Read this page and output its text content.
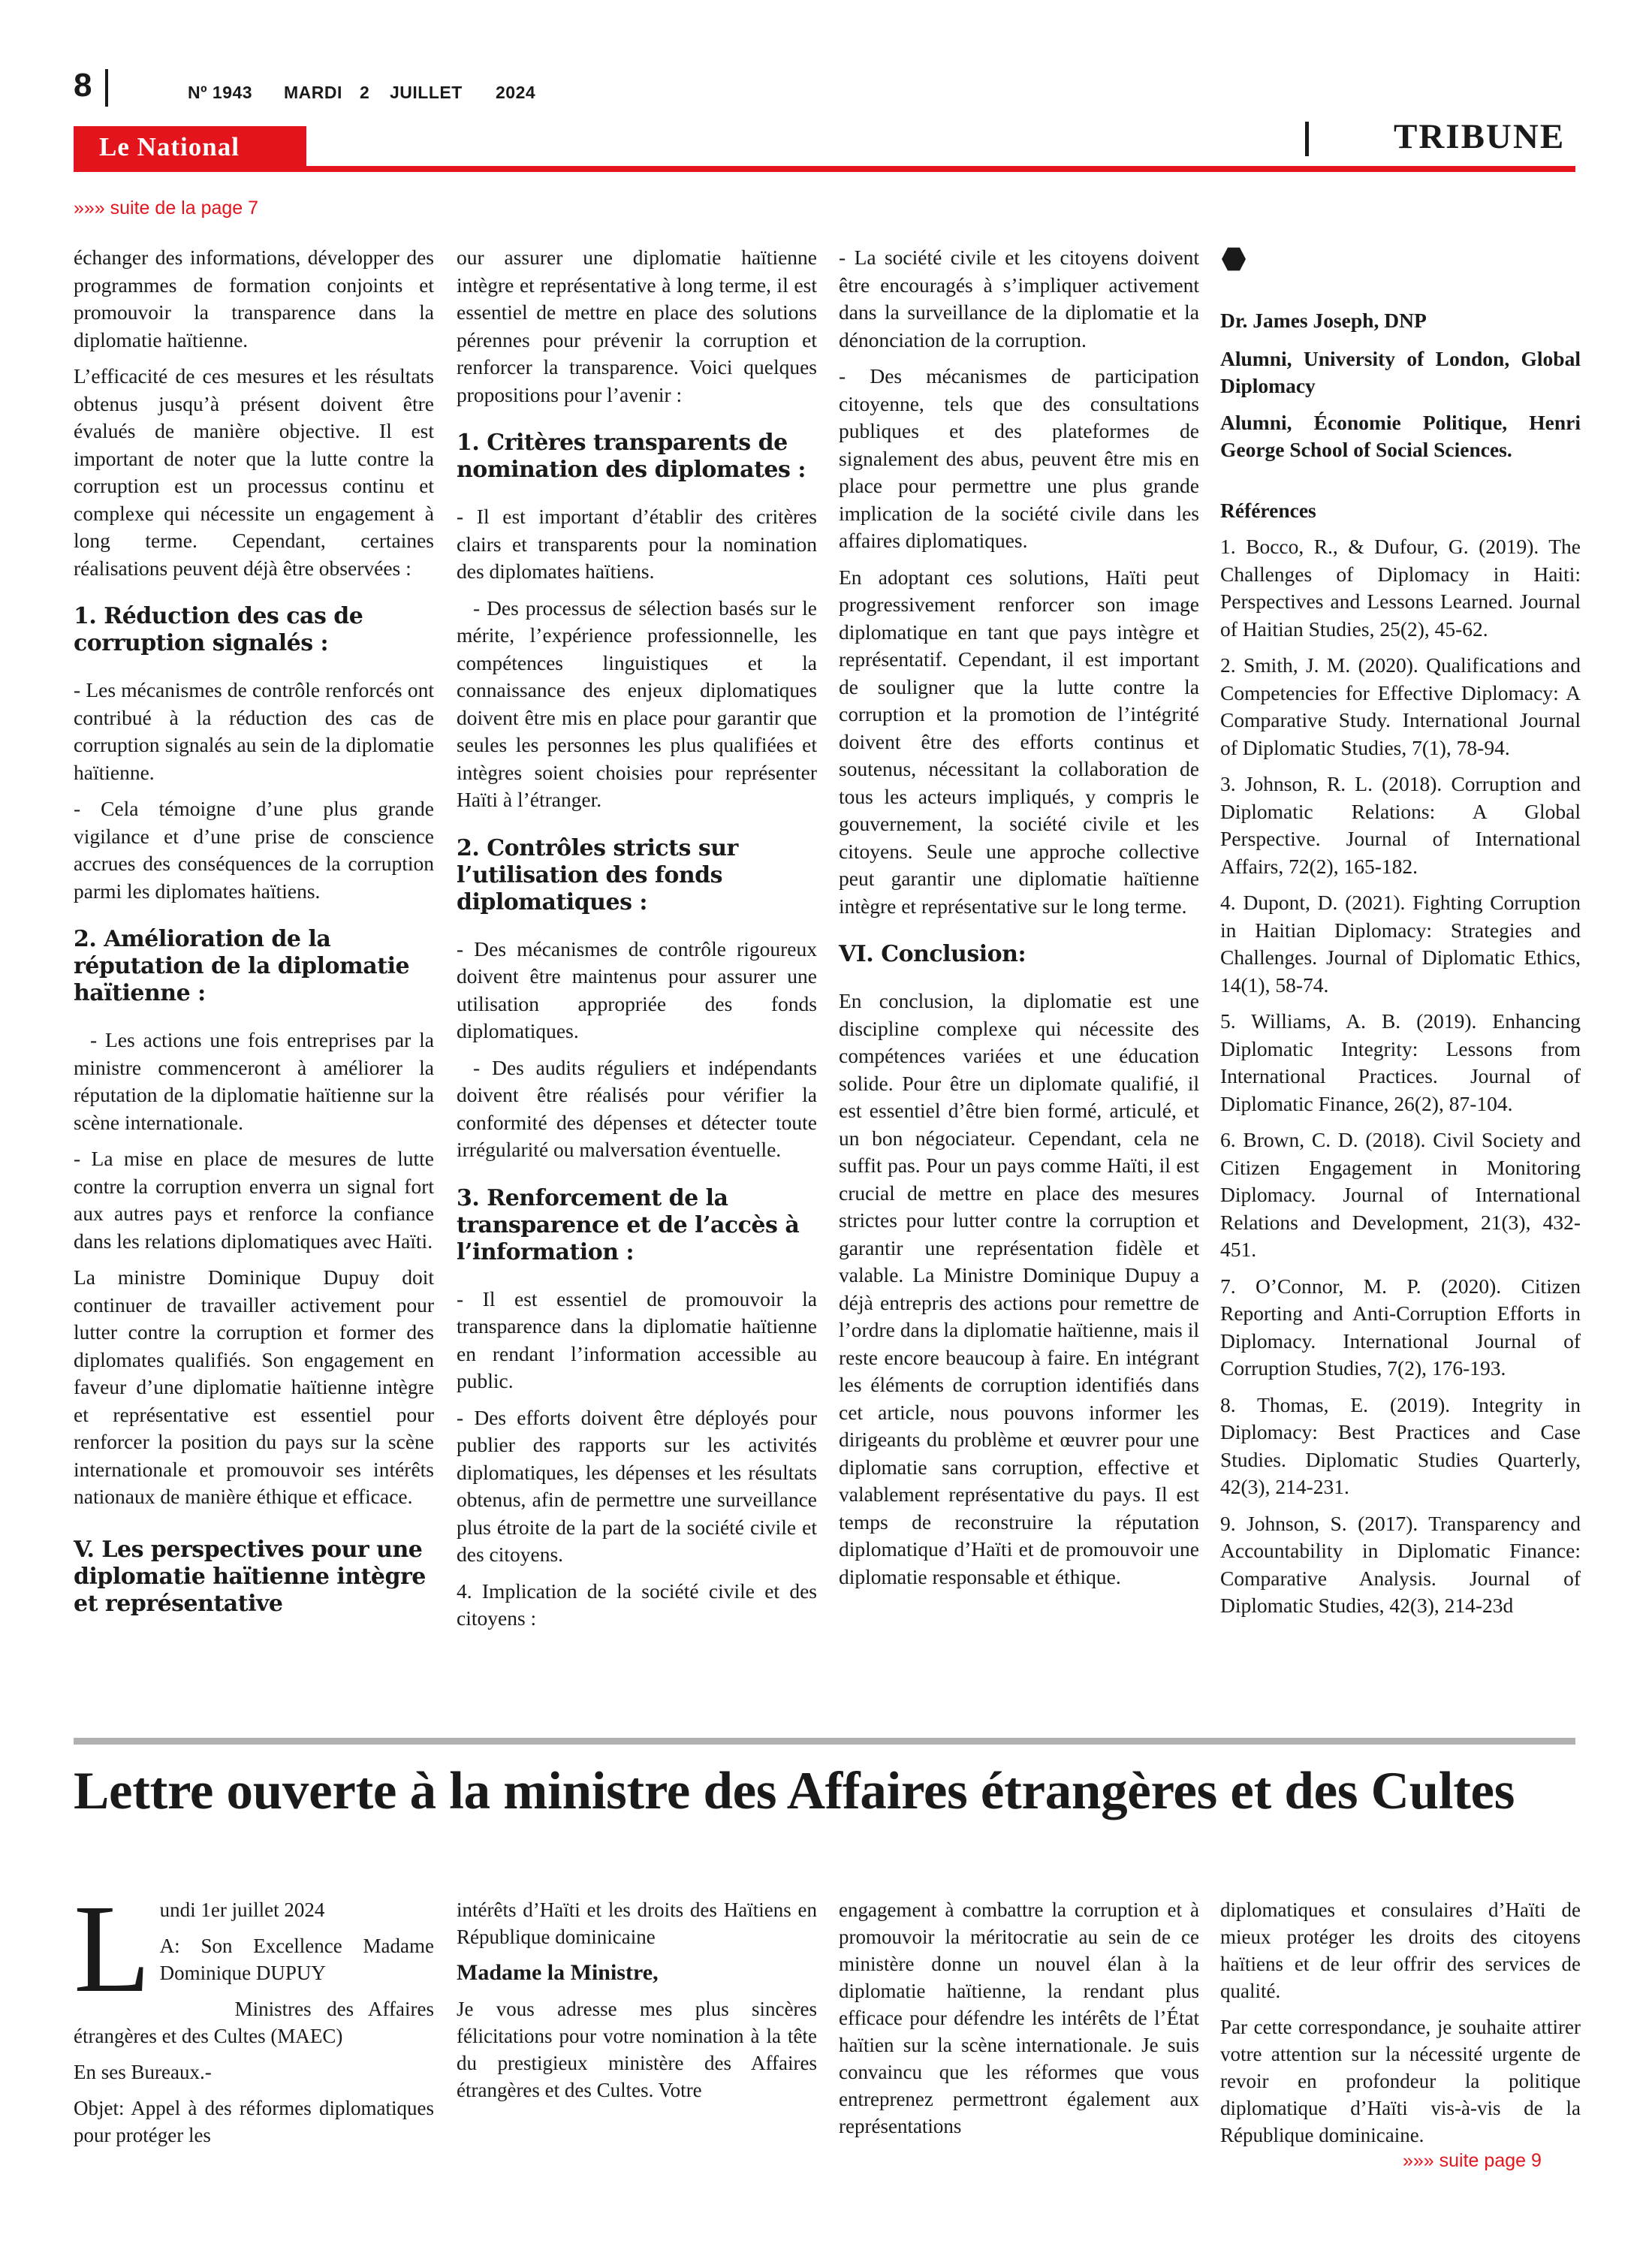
8	Nº 1943 MARDI 2 JUILLET 2024
Le National	TRIBUNE
»»» suite de la page 7

échanger des informations, développer des programmes de formation conjoints et promouvoir la transparence dans la diplomatie haïtienne.

L’efficacité de ces mesures et les résultats obtenus jusqu’à présent doivent être évalués de manière objective. Il est important de noter que la lutte contre la corruption est un processus continu et complexe qui nécessite un engagement à long terme. Cependant, certaines réalisations peuvent déjà être observées :

1. Réduction des cas de corruption signalés :

- Les mécanismes de contrôle renforcés ont contribué à la réduction des cas de corruption signalés au sein de la diplomatie haïtienne.

- Cela témoigne d’une plus grande vigilance et d’une prise de conscience accrues des conséquences de la corruption parmi les diplomates haïtiens.

2. Amélioration de la réputation de la diplomatie haïtienne :

- Les actions une fois entreprises par la ministre commenceront à améliorer la réputation de la diplomatie haïtienne sur la scène internationale.

- La mise en place de mesures de lutte contre la corruption enverra un signal fort aux autres pays et renforce la confiance dans les relations diplomatiques avec Haïti.

La ministre Dominique Dupuy doit continuer de travailler activement pour lutter contre la corruption et former des diplomates qualifiés. Son engagement en faveur d’une diplomatie haïtienne intègre et représentative est essentiel pour renforcer la position du pays sur la scène internationale et promouvoir ses intérêts nationaux de manière éthique et efficace.

V. Les perspectives pour une diplomatie haïtienne intègre et représentative

our assurer une diplomatie haïtienne intègre et représentative à long terme, il est essentiel de mettre en place des solutions pérennes pour prévenir la corruption et renforcer la transparence. Voici quelques propositions pour l’avenir :

1. Critères transparents de nomination des diplomates :

- Il est important d’établir des critères clairs et transparents pour la nomination des diplomates haïtiens.

- Des processus de sélection basés sur le mérite, l’expérience professionnelle, les compétences linguistiques et la connaissance des enjeux diplomatiques doivent être mis en place pour garantir que seules les personnes les plus qualifiées et intègres soient choisies pour représenter Haïti à l’étranger.

2. Contrôles stricts sur l’utilisation des fonds diplomatiques :

- Des mécanismes de contrôle rigoureux doivent être maintenus pour assurer une utilisation appropriée des fonds diplomatiques.

- Des audits réguliers et indépendants doivent être réalisés pour vérifier la conformité des dépenses et détecter toute irrégularité ou malversation éventuelle.

3. Renforcement de la transparence et de l’accès à l’information :

- Il est essentiel de promouvoir la transparence dans la diplomatie haïtienne en rendant l’information accessible au public.

- Des efforts doivent être déployés pour publier des rapports sur les activités diplomatiques, les dépenses et les résultats obtenus, afin de permettre une surveillance plus étroite de la part de la société civile et des citoyens.

4. Implication de la société civile et des citoyens :

- La société civile et les citoyens doivent être encouragés à s’impliquer activement dans la surveillance de la diplomatie et la dénonciation de la corruption.

- Des mécanismes de participation citoyenne, tels que des consultations publiques et des plateformes de signalement des abus, peuvent être mis en place pour permettre une plus grande implication de la société civile dans les affaires diplomatiques.

En adoptant ces solutions, Haïti peut progressivement renforcer son image diplomatique en tant que pays intègre et représentatif. Cependant, il est important de souligner que la lutte contre la corruption et la promotion de l’intégrité doivent être des efforts continus et soutenus, nécessitant la collaboration de tous les acteurs impliqués, y compris le gouvernement, la société civile et les citoyens. Seule une approche collective peut garantir une diplomatie haïtienne intègre et représentative sur le long terme.

VI. Conclusion:

En conclusion, la diplomatie est une discipline complexe qui nécessite des compétences variées et une éducation solide. Pour être un diplomate qualifié, il est essentiel d’être bien formé, articulé, et un bon négociateur. Cependant, cela ne suffit pas. Pour un pays comme Haïti, il est crucial de mettre en place des mesures strictes pour lutter contre la corruption et garantir une représentation fidèle et valable. La Ministre Dominique Dupuy a déjà entrepris des actions pour remettre de l’ordre dans la diplomatie haïtienne, mais il reste encore beaucoup à faire. En intégrant les éléments de corruption identifiés dans cet article, nous pouvons informer les dirigeants du problème et œuvrer pour une diplomatie sans corruption, effective et valablement représentative du pays. Il est temps de reconstruire la réputation diplomatique d’Haïti et de promouvoir une diplomatie responsable et éthique.

Dr. James Joseph, DNP

Alumni, University of London, Global Diplomacy

Alumni, Économie Politique, Henri George School of Social Sciences.

Références

1. Bocco, R., & Dufour, G. (2019). The Challenges of Diplomacy in Haiti: Perspectives and Lessons Learned. Journal of Haitian Studies, 25(2), 45-62.

2. Smith, J. M. (2020). Qualifications and Competencies for Effective Diplomacy: A Comparative Study. International Journal of Diplomatic Studies, 7(1), 78-94.

3. Johnson, R. L. (2018). Corruption and Diplomatic Relations: A Global Perspective. Journal of International Affairs, 72(2), 165-182.

4. Dupont, D. (2021). Fighting Corruption in Haitian Diplomacy: Strategies and Challenges. Journal of Diplomatic Ethics, 14(1), 58-74.

5. Williams, A. B. (2019). Enhancing Diplomatic Integrity: Lessons from International Practices. Journal of Diplomatic Finance, 26(2), 87-104.

6. Brown, C. D. (2018). Civil Society and Citizen Engagement in Monitoring Diplomacy. Journal of International Relations and Development, 21(3), 432-451.

7. O’Connor, M. P. (2020). Citizen Reporting and Anti-Corruption Efforts in Diplomacy. International Journal of Corruption Studies, 7(2), 176-193.

8. Thomas, E. (2019). Integrity in Diplomacy: Best Practices and Case Studies. Diplomatic Studies Quarterly, 42(3), 214-231.

9. Johnson, S. (2017). Transparency and Accountability in Diplomatic Finance: Comparative Analysis. Journal of Diplomatic Studies, 42(3), 214-23d

Lettre ouverte à la ministre des Affaires étrangères et des Cultes
L undi 1er juillet 2024

A: Son Excellence Madame Dominique DUPUY

Ministres des Affaires étrangères et des Cultes (MAEC)

En ses Bureaux.-

Objet: Appel à des réformes diplomatiques pour protéger les

intérêts d’Haïti et les droits des Haïtiens en République dominicaine

Madame la Ministre,

Je vous adresse mes plus sincères félicitations pour votre nomination à la tête du prestigieux ministère des Affaires étrangères et des Cultes. Votre

engagement à combattre la corruption et à promouvoir la méritocratie au sein de ce ministère donne un nouvel élan à la diplomatie haïtienne, la rendant plus efficace pour défendre les intérêts de l’État haïtien sur la scène internationale. Je suis convaincu que les réformes que vous entreprenez permettront également aux représentations

diplomatiques et consulaires d’Haïti de mieux protéger les droits des citoyens haïtiens et de leur offrir des services de qualité.

Par cette correspondance, je souhaite attirer votre attention sur la nécessité urgente de revoir en profondeur la politique diplomatique d’Haïti vis-à-vis de la République dominicaine.

»»» suite page 9
